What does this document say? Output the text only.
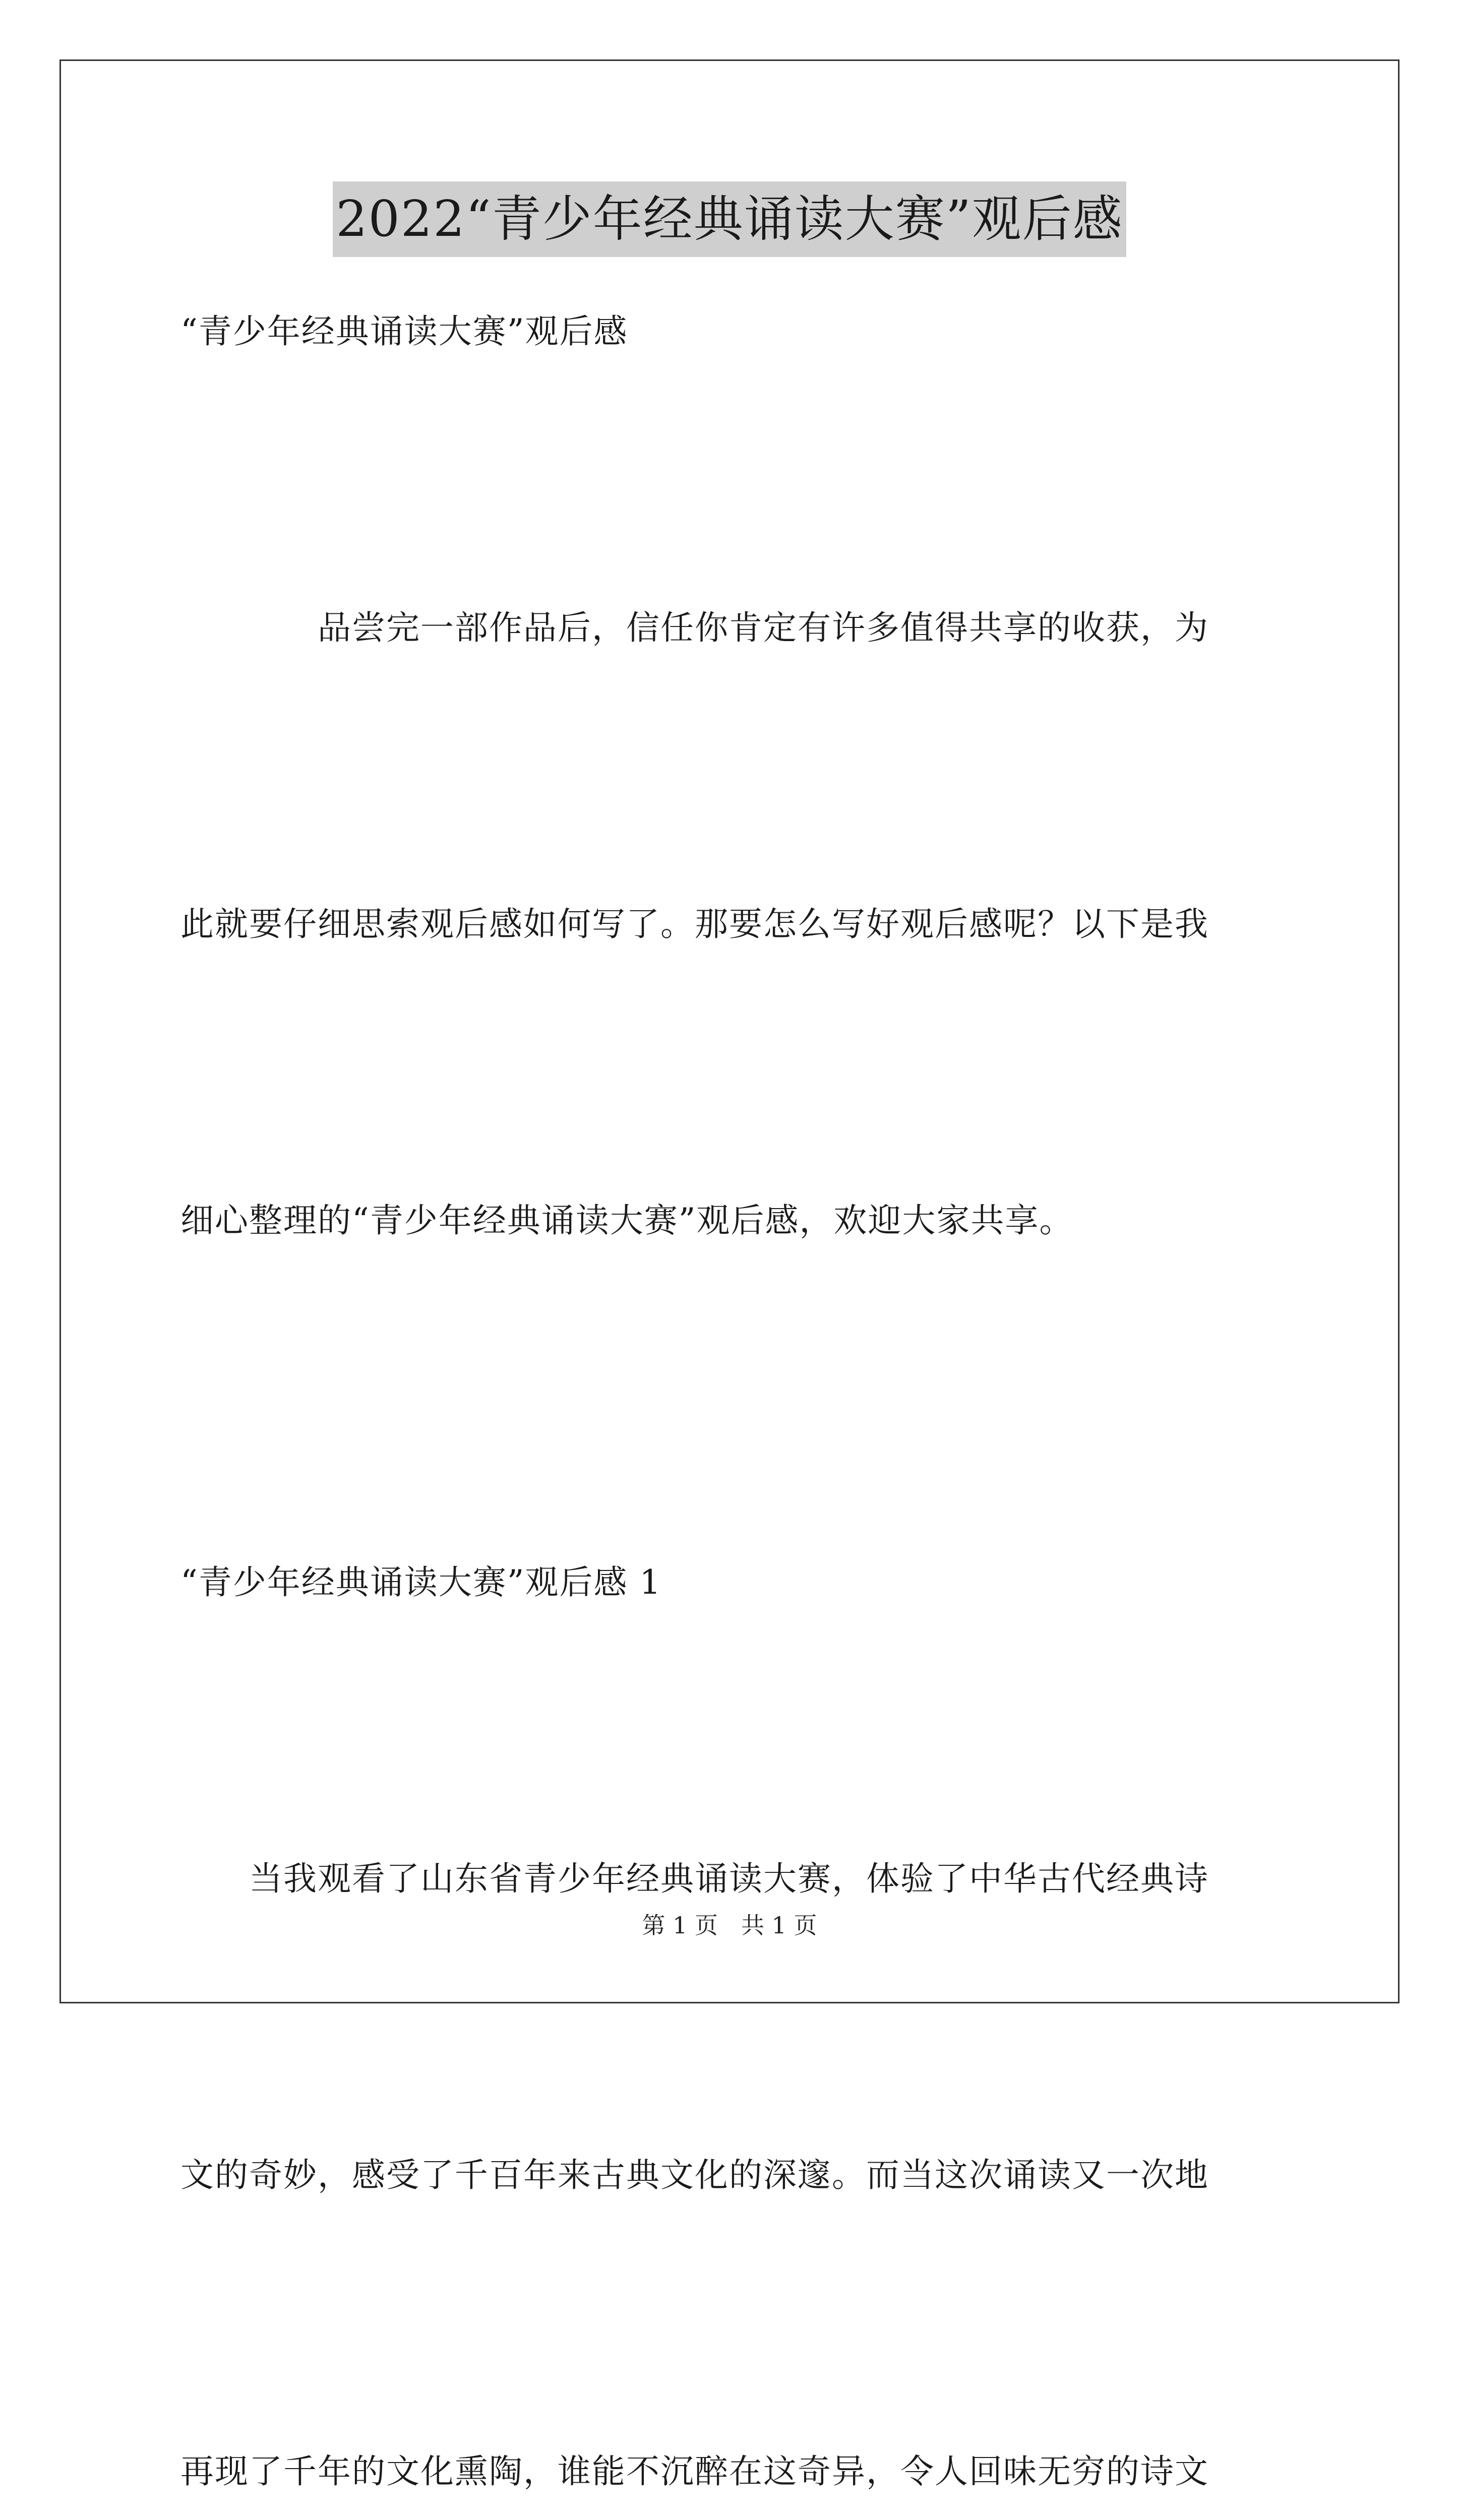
2022“青少年经典诵读大赛”观后感
“青少年经典诵读大赛”观后感

　　　　品尝完一部作品后，信任你肯定有许多值得共享的收获，为

此就要仔细思索观后感如何写了。那要怎么写好观后感呢？以下是我

细心整理的“青少年经典诵读大赛”观后感，欢迎大家共享。

“青少年经典诵读大赛”观后感 1

　　当我观看了山东省青少年经典诵读大赛，体验了中华古代经典诗

文的奇妙，感受了千百年来古典文化的深邃。而当这次诵读又一次地

再现了千年的文化熏陶，谁能不沉醉在这奇异，令人回味无穷的诗文

第 1 页　共 1 页
